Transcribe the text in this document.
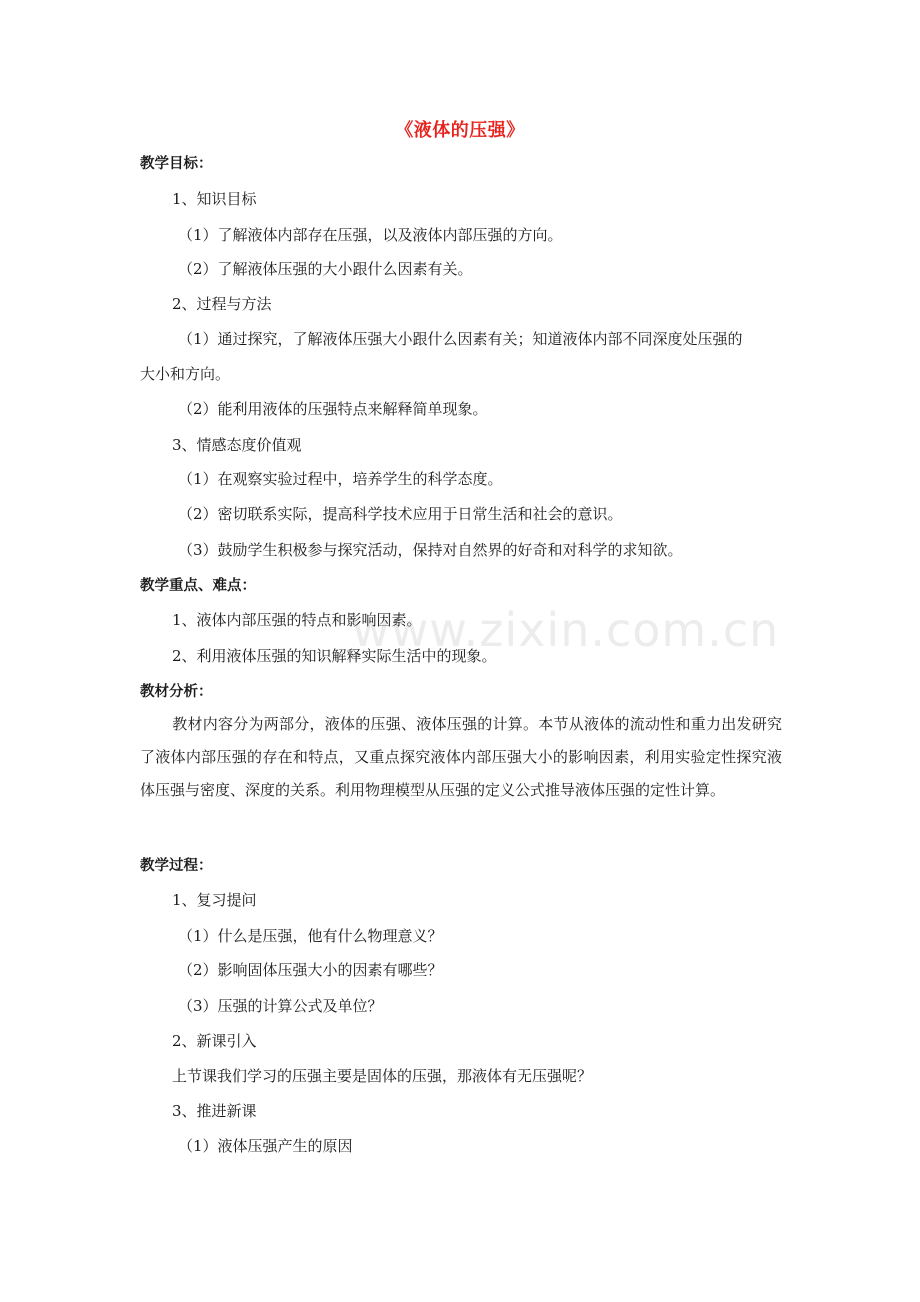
www.zixin.com.cn
《液体的压强》
教学目标：
1、知识目标
（1）了解液体内部存在压强，以及液体内部压强的方向。
（2）了解液体压强的大小跟什么因素有关。
2、过程与方法
（1）通过探究，了解液体压强大小跟什么因素有关；知道液体内部不同深度处压强的
大小和方向。
（2）能利用液体的压强特点来解释简单现象。
3、情感态度价值观
（1）在观察实验过程中，培养学生的科学态度。
（2）密切联系实际，提高科学技术应用于日常生活和社会的意识。
（3）鼓励学生积极参与探究活动，保持对自然界的好奇和对科学的求知欲。
教学重点、难点：
1、液体内部压强的特点和影响因素。
2、利用液体压强的知识解释实际生活中的现象。
教材分析：
教材内容分为两部分，液体的压强、液体压强的计算。本节从液体的流动性和重力出发研究了液体内部压强的存在和特点，又重点探究液体内部压强大小的影响因素，利用实验定性探究液体压强与密度、深度的关系。利用物理模型从压强的定义公式推导液体压强的定性计算。
教学过程：
1、复习提问
（1）什么是压强，他有什么物理意义？
（2）影响固体压强大小的因素有哪些？
（3）压强的计算公式及单位？
2、新课引入
上节课我们学习的压强主要是固体的压强，那液体有无压强呢？
3、推进新课
（1）液体压强产生的原因
